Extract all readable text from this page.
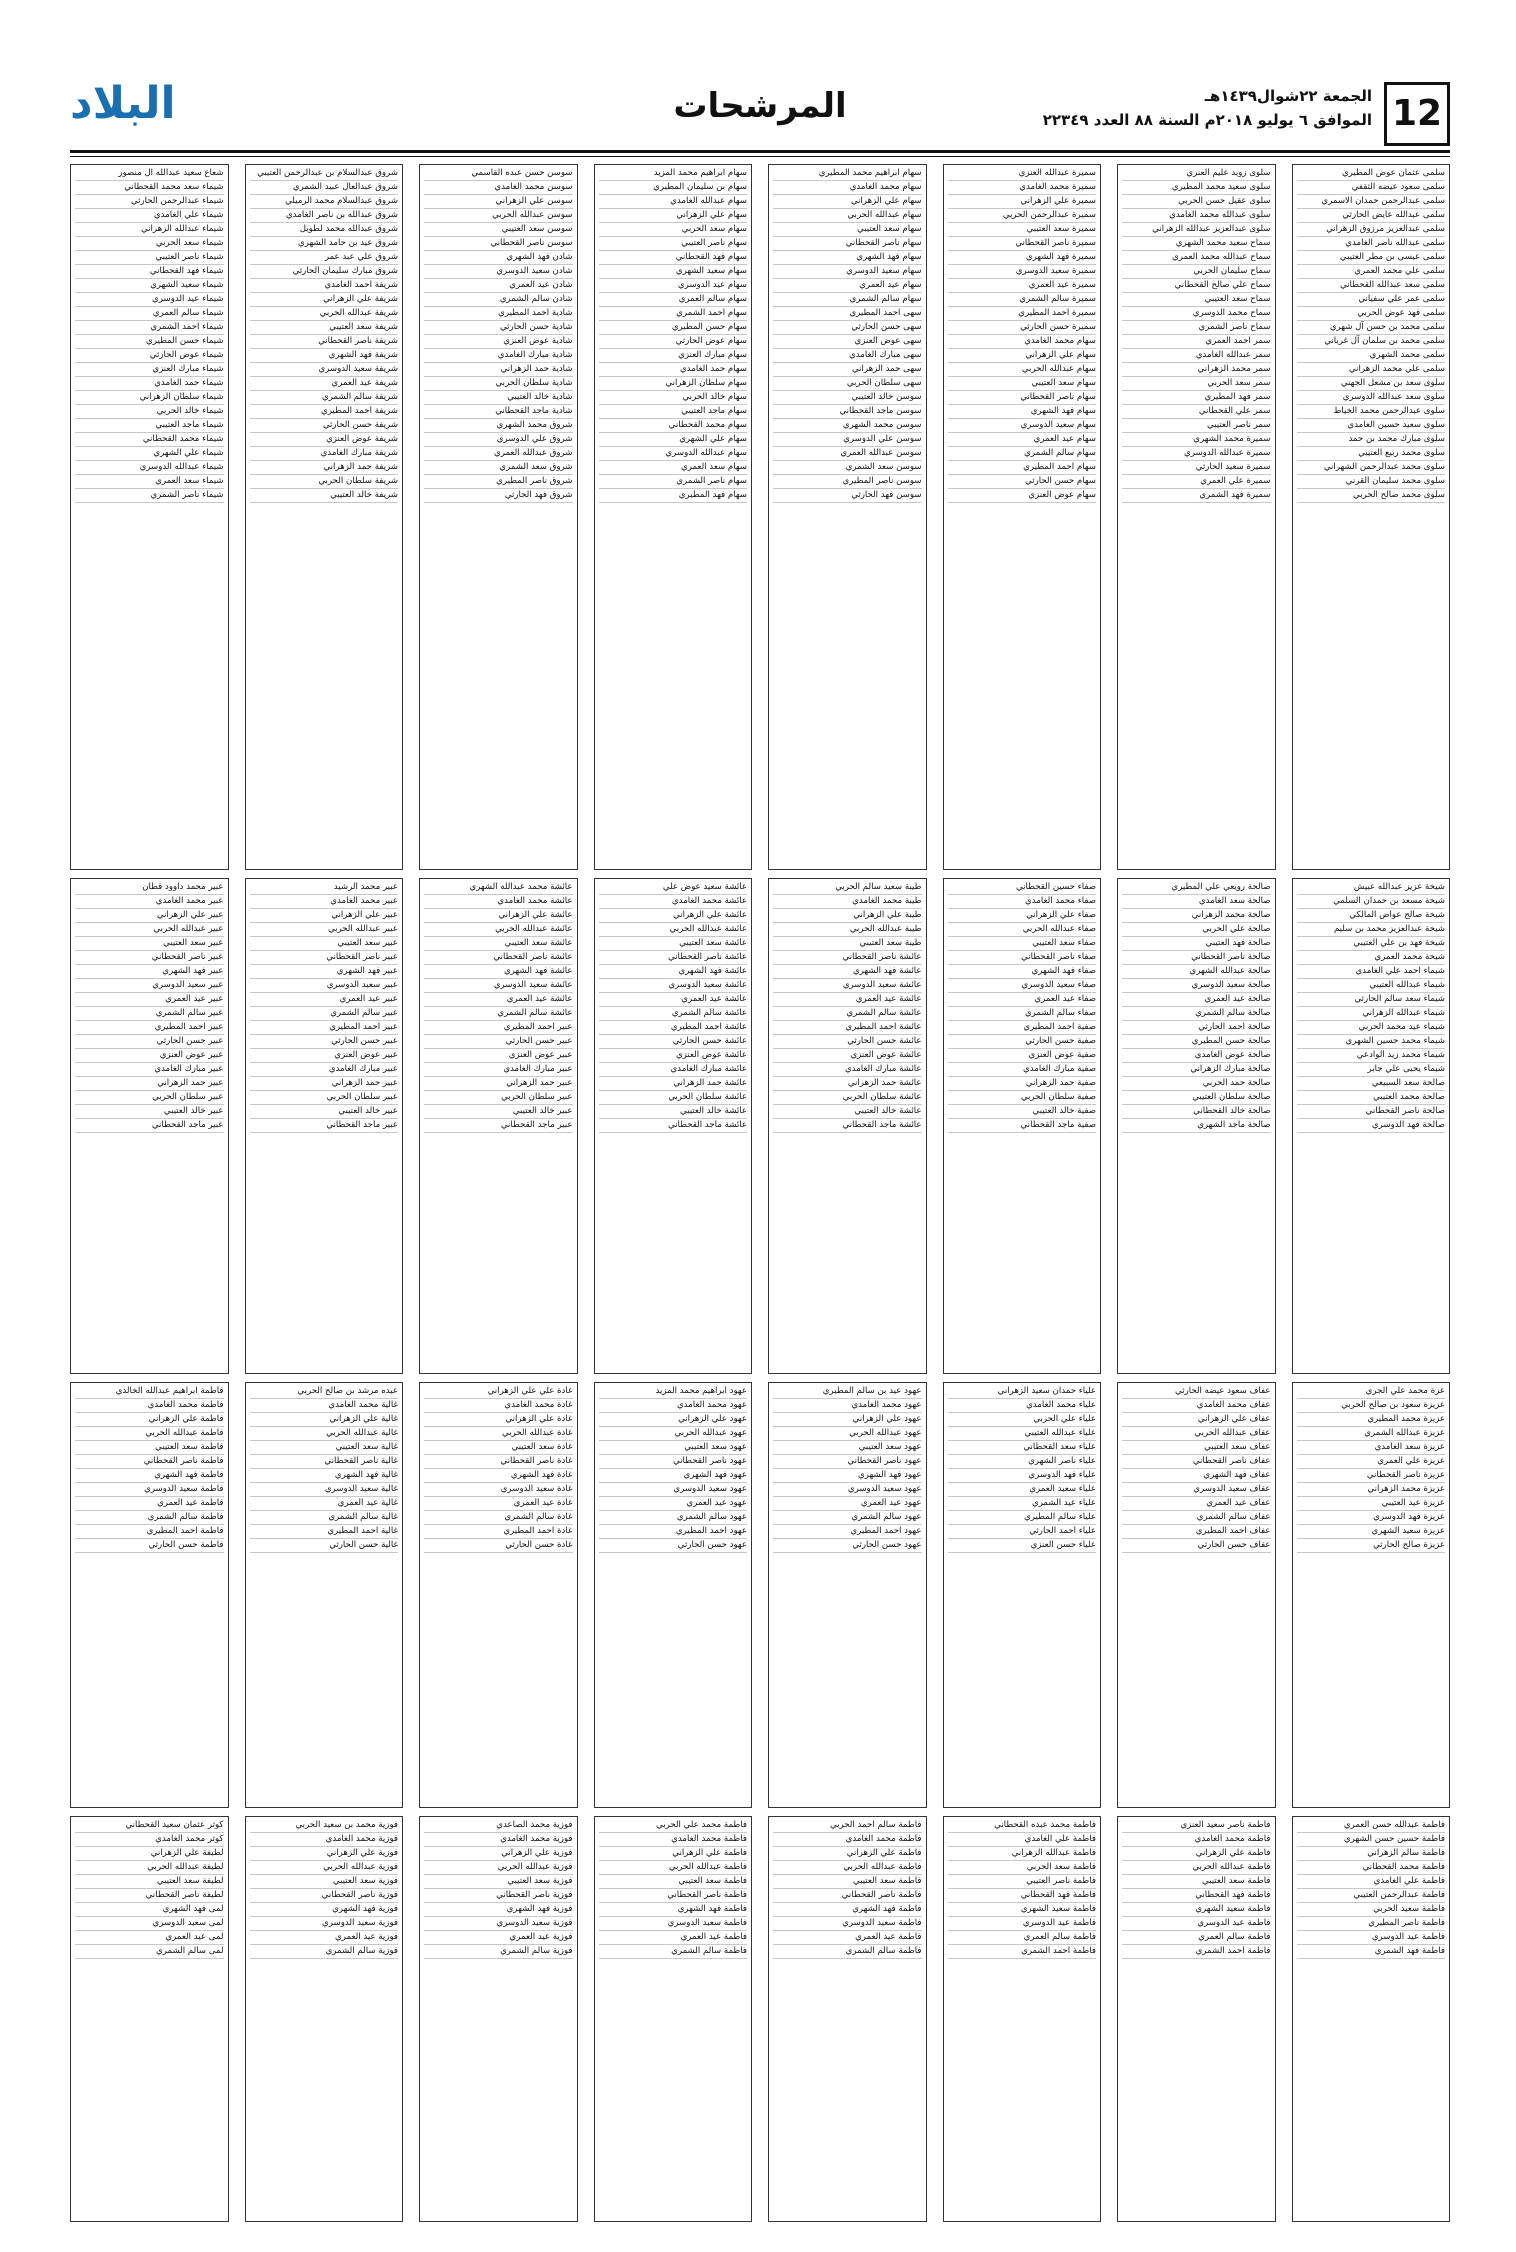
12
الجمعة ٢٢شوال١٤٣٩هـ
الموافق ٦ يوليو ٢٠١٨م السنة ٨٨ العدد ٢٢٣٤٩
المرشحات
البلاد
سلمى عثمان عوض المطيري
سلمى سعود عيضه الثقفي
سلمى عبدالرحمن حمدان الاسمري
سلمى عبدالله عايض الحارثي
سلمى عبدالعزيز مرزوق الزهراني
سلمى عبدالله ناصر الغامدي
سلمى عيسى بن مطر العتيبي
سلمى علي محمد العمري
سلمى سعد عبدالله القحطاني
سلمى عمر علي سفياني
سلمى فهد عوض الحربي
سلمى محمد بن حسن آل شهري
سلمى محمد بن سلمان آل غرباني
سلمى محمد الشهري
سلمى علي محمد الزهراني
سلوى سعد بن مشعل الجهني
سلوى سعد عبدالله الدوسري
سلوى عبدالرحمن محمد الخياط
سلوى سعيد حسين الغامدي
سلوى مبارك محمد بن حمد
سلوى محمد ربيع العتيبي
سلوى محمد عبدالرحمن الشهراني
سلوى محمد سليمان القرني
سلوى محمد صالح الحربي
شيخة عزيز عبدالله عبيش
شيخة مسعد بن حمدان السلمي
شيخة صالح عواض المالكي
شيخة عبدالعزيز محمد بن سليم
شيخة فهد بن علي العتيبي
شيخة محمد العمري
شيماء احمد علي الغامدي
شيماء عبدالله العتيبي
شيماء سعد سالم الحارثي
شيماء عبدالله الزهراني
شيماء عيد محمد الحربي
شيماء محمد حسين الشهري
شيماء محمد زيد الوادعي
شيماء يحيى علي جابر
صالحة سعد السبيعي
صالحة محمد العتيبي
صالحة ناصر القحطاني
صالحة فهد الدوسري
عزة محمد علي الجري
عزيزة سعود بن صالح الحربي
عزيزة محمد المطيري
عزيزة عبدالله الشمري
عزيزة سعد الغامدي
عزيزة علي العمري
عزيزة ناصر القحطاني
عزيزة محمد الزهراني
عزيزة عيد العتيبي
عزيزة فهد الدوسري
عزيزة سعيد الشهري
عزيزة صالح الحارثي
فاطمة عبدالله حسن العمري
فاطمة حسين حسن الشهري
فاطمة سالم الزهراني
فاطمة محمد القحطاني
فاطمة علي الغامدي
فاطمة عبدالرحمن العتيبي
فاطمة سعيد الحربي
فاطمة ناصر المطيري
فاطمة عيد الدوسري
فاطمة فهد الشمري
سلوى زويد عليم العنزي
سلوى سعيد محمد المطيري
سلوى عقيل حسن الحربي
سلوى عبدالله محمد الغامدي
سلوى عبدالعزيز عبدالله الزهراني
سماح سعيد محمد الشهري
سماح عبدالله محمد العمري
سماح سليمان الحربي
سماح علي صالح القحطاني
سماح سعد العتيبي
سماح محمد الدوسري
سماح ناصر الشمري
سمر احمد العمري
سمر عبدالله الغامدي
سمر محمد الزهراني
سمر سعد الحربي
سمر فهد المطيري
سمر علي القحطاني
سمر ناصر العتيبي
سميرة محمد الشهري
سميرة عبدالله الدوسري
سميرة سعيد الحارثي
سميرة علي العمري
سميرة فهد الشمري
صالحة رويعي علي المطيري
صالحة سعد الغامدي
صالحة محمد الزهراني
صالحة علي الحربي
صالحة فهد العتيبي
صالحة ناصر القحطاني
صالحة عبدالله الشهري
صالحة سعيد الدوسري
صالحة عيد العمري
صالحة سالم الشمري
صالحة احمد الحارثي
صالحة حسن المطيري
صالحة عوض الغامدي
صالحة مبارك الزهراني
صالحة حمد الحربي
صالحة سلطان العتيبي
صالحة خالد القحطاني
صالحة ماجد الشهري
عفاف سعود عيضه الحارثي
عفاف محمد الغامدي
عفاف علي الزهراني
عفاف عبدالله الحربي
عفاف سعد العتيبي
عفاف ناصر القحطاني
عفاف فهد الشهري
عفاف سعيد الدوسري
عفاف عيد العمري
عفاف سالم الشمري
عفاف احمد المطيري
عفاف حسن الحارثي
فاطمة ناصر سعيد العنزي
فاطمة محمد الغامدي
فاطمة علي الزهراني
فاطمة عبدالله الحربي
فاطمة سعد العتيبي
فاطمة فهد القحطاني
فاطمة سعيد الشهري
فاطمة عيد الدوسري
فاطمة سالم العمري
فاطمة احمد الشمري
سميرة عبدالله العنزي
سميرة محمد الغامدي
سميرة علي الزهراني
سميرة عبدالرحمن الحربي
سميرة سعد العتيبي
سميرة ناصر القحطاني
سميرة فهد الشهري
سميرة سعيد الدوسري
سميرة عيد العمري
سميرة سالم الشمري
سميرة احمد المطيري
سميرة حسن الحارثي
سهام محمد الغامدي
سهام علي الزهراني
سهام عبدالله الحربي
سهام سعد العتيبي
سهام ناصر القحطاني
سهام فهد الشهري
سهام سعيد الدوسري
سهام عيد العمري
سهام سالم الشمري
سهام احمد المطيري
سهام حسن الحارثي
سهام عوض العنزي
صفاء حسين القحطاني
صفاء محمد الغامدي
صفاء علي الزهراني
صفاء عبدالله الحربي
صفاء سعد العتيبي
صفاء ناصر القحطاني
صفاء فهد الشهري
صفاء سعيد الدوسري
صفاء عيد العمري
صفاء سالم الشمري
صفية احمد المطيري
صفية حسن الحارثي
صفية عوض العنزي
صفية مبارك الغامدي
صفية حمد الزهراني
صفية سلطان الحربي
صفية خالد العتيبي
صفية ماجد القحطاني
علياء حمدان سعيد الزهراني
علياء محمد الغامدي
علياء علي الحربي
علياء عبدالله العتيبي
علياء سعد القحطاني
علياء ناصر الشهري
علياء فهد الدوسري
علياء سعيد العمري
علياء عيد الشمري
علياء سالم المطيري
علياء احمد الحارثي
علياء حسن العنزي
فاطمة محمد عبده القحطاني
فاطمة علي الغامدي
فاطمة عبدالله الزهراني
فاطمة سعد الحربي
فاطمة ناصر العتيبي
فاطمة فهد القحطاني
فاطمة سعيد الشهري
فاطمة عيد الدوسري
فاطمة سالم العمري
فاطمة احمد الشمري
سهام ابراهيم محمد المطيري
سهام محمد الغامدي
سهام علي الزهراني
سهام عبدالله الحربي
سهام سعد العتيبي
سهام ناصر القحطاني
سهام فهد الشهري
سهام سعيد الدوسري
سهام عيد العمري
سهام سالم الشمري
سهى احمد المطيري
سهى حسن الحارثي
سهى عوض العنزي
سهى مبارك الغامدي
سهى حمد الزهراني
سهى سلطان الحربي
سوسن خالد العتيبي
سوسن ماجد القحطاني
سوسن محمد الشهري
سوسن علي الدوسري
سوسن عبدالله العمري
سوسن سعد الشمري
سوسن ناصر المطيري
سوسن فهد الحارثي
طيبة سعيد سالم الحربي
طيبة محمد الغامدي
طيبة علي الزهراني
طيبة عبدالله الحربي
طيبة سعد العتيبي
عائشة ناصر القحطاني
عائشة فهد الشهري
عائشة سعيد الدوسري
عائشة عيد العمري
عائشة سالم الشمري
عائشة احمد المطيري
عائشة حسن الحارثي
عائشة عوض العنزي
عائشة مبارك الغامدي
عائشة حمد الزهراني
عائشة سلطان الحربي
عائشة خالد العتيبي
عائشة ماجد القحطاني
عهود عيد بن سالم المطيري
عهود محمد الغامدي
عهود علي الزهراني
عهود عبدالله الحربي
عهود سعد العتيبي
عهود ناصر القحطاني
عهود فهد الشهري
عهود سعيد الدوسري
عهود عيد العمري
عهود سالم الشمري
عهود احمد المطيري
عهود حسن الحارثي
فاطمة سالم احمد الحربي
فاطمة محمد الغامدي
فاطمة علي الزهراني
فاطمة عبدالله الحربي
فاطمة سعد العتيبي
فاطمة ناصر القحطاني
فاطمة فهد الشهري
فاطمة سعيد الدوسري
فاطمة عيد العمري
فاطمة سالم الشمري
سهام ابراهيم محمد المزيد
سهام بن سليمان المطيري
سهام عبدالله الغامدي
سهام علي الزهراني
سهام سعد الحربي
سهام ناصر العتيبي
سهام فهد القحطاني
سهام سعيد الشهري
سهام عيد الدوسري
سهام سالم العمري
سهام احمد الشمري
سهام حسن المطيري
سهام عوض الحارثي
سهام مبارك العنزي
سهام حمد الغامدي
سهام سلطان الزهراني
سهام خالد الحربي
سهام ماجد العتيبي
سهام محمد القحطاني
سهام علي الشهري
سهام عبدالله الدوسري
سهام سعد العمري
سهام ناصر الشمري
سهام فهد المطيري
عائشة سعيد عوض علي
عائشة محمد الغامدي
عائشة علي الزهراني
عائشة عبدالله الحربي
عائشة سعد العتيبي
عائشة ناصر القحطاني
عائشة فهد الشهري
عائشة سعيد الدوسري
عائشة عيد العمري
عائشة سالم الشمري
عائشة احمد المطيري
عائشة حسن الحارثي
عائشة عوض العنزي
عائشة مبارك الغامدي
عائشة حمد الزهراني
عائشة سلطان الحربي
عائشة خالد العتيبي
عائشة ماجد القحطاني
عهود ابراهيم محمد المزيد
عهود محمد الغامدي
عهود علي الزهراني
عهود عبدالله الحربي
عهود سعد العتيبي
عهود ناصر القحطاني
عهود فهد الشهري
عهود سعيد الدوسري
عهود عيد العمري
عهود سالم الشمري
عهود احمد المطيري
عهود حسن الحارثي
فاطمة محمد علي الحربي
فاطمة محمد الغامدي
فاطمة علي الزهراني
فاطمة عبدالله الحربي
فاطمة سعد العتيبي
فاطمة ناصر القحطاني
فاطمة فهد الشهري
فاطمة سعيد الدوسري
فاطمة عيد العمري
فاطمة سالم الشمري
سوسن حسن عبده القاسمي
سوسن محمد الغامدي
سوسن علي الزهراني
سوسن عبدالله الحربي
سوسن سعد العتيبي
سوسن ناصر القحطاني
شادن فهد الشهري
شادن سعيد الدوسري
شادن عيد العمري
شادن سالم الشمري
شادية احمد المطيري
شادية حسن الحارثي
شادية عوض العنزي
شادية مبارك الغامدي
شادية حمد الزهراني
شادية سلطان الحربي
شادية خالد العتيبي
شادية ماجد القحطاني
شروق محمد الشهري
شروق علي الدوسري
شروق عبدالله العمري
شروق سعد الشمري
شروق ناصر المطيري
شروق فهد الحارثي
عائشة محمد عبدالله الشهري
عائشة محمد الغامدي
عائشة علي الزهراني
عائشة عبدالله الحربي
عائشة سعد العتيبي
عائشة ناصر القحطاني
عائشة فهد الشهري
عائشة سعيد الدوسري
عائشة عيد العمري
عائشة سالم الشمري
عبير احمد المطيري
عبير حسن الحارثي
عبير عوض العنزي
عبير مبارك الغامدي
عبير حمد الزهراني
عبير سلطان الحربي
عبير خالد العتيبي
عبير ماجد القحطاني
غادة علي علي الزهراني
غادة محمد الغامدي
غادة علي الزهراني
غادة عبدالله الحربي
غادة سعد العتيبي
غادة ناصر القحطاني
غادة فهد الشهري
غادة سعيد الدوسري
غادة عيد العمري
غادة سالم الشمري
غادة احمد المطيري
غادة حسن الحارثي
فوزية محمد الصاعدي
فوزية محمد الغامدي
فوزية علي الزهراني
فوزية عبدالله الحربي
فوزية سعد العتيبي
فوزية ناصر القحطاني
فوزية فهد الشهري
فوزية سعيد الدوسري
فوزية عيد العمري
فوزية سالم الشمري
شروق عبدالسلام بن عبدالرحمن العتيبي
شروق عبدالعال عبيد الشمري
شروق عبدالسلام محمد الرميلي
شروق عبدالله بن ناصر الغامدي
شروق عبدالله محمد لطويل
شروق عيد بن حامد الشهري
شروق علي عبد عمر
شروق مبارك سليمان الحارثي
شريفة احمد الغامدي
شريفة علي الزهراني
شريفة عبدالله الحربي
شريفة سعد العتيبي
شريفة ناصر القحطاني
شريفة فهد الشهري
شريفة سعيد الدوسري
شريفة عيد العمري
شريفة سالم الشمري
شريفة احمد المطيري
شريفة حسن الحارثي
شريفة عوض العنزي
شريفة مبارك الغامدي
شريفة حمد الزهراني
شريفة سلطان الحربي
شريفة خالد العتيبي
عبير محمد الرشيد
عبير محمد الغامدي
عبير علي الزهراني
عبير عبدالله الحربي
عبير سعد العتيبي
عبير ناصر القحطاني
عبير فهد الشهري
عبير سعيد الدوسري
عبير عيد العمري
عبير سالم الشمري
عبير احمد المطيري
عبير حسن الحارثي
عبير عوض العنزي
عبير مبارك الغامدي
عبير حمد الزهراني
عبير سلطان الحربي
عبير خالد العتيبي
عبير ماجد القحطاني
عيده مرشد بن صالح الحربي
غالية محمد الغامدي
غالية علي الزهراني
غالية عبدالله الحربي
غالية سعد العتيبي
غالية ناصر القحطاني
غالية فهد الشهري
غالية سعيد الدوسري
غالية عيد العمري
غالية سالم الشمري
غالية احمد المطيري
غالية حسن الحارثي
فوزية محمد بن سعيد الحربي
فوزية محمد الغامدي
فوزية علي الزهراني
فوزية عبدالله الحربي
فوزية سعد العتيبي
فوزية ناصر القحطاني
فوزية فهد الشهري
فوزية سعيد الدوسري
فوزية عيد العمري
فوزية سالم الشمري
شعاع سعيد عبدالله ال منصور
شيماء سعد محمد القحطاني
شيماء عبدالرحمن الحارثي
شيماء علي الغامدي
شيماء عبدالله الزهراني
شيماء سعد الحربي
شيماء ناصر العتيبي
شيماء فهد القحطاني
شيماء سعيد الشهري
شيماء عيد الدوسري
شيماء سالم العمري
شيماء احمد الشمري
شيماء حسن المطيري
شيماء عوض الحارثي
شيماء مبارك العنزي
شيماء حمد الغامدي
شيماء سلطان الزهراني
شيماء خالد الحربي
شيماء ماجد العتيبي
شيماء محمد القحطاني
شيماء علي الشهري
شيماء عبدالله الدوسري
شيماء سعد العمري
شيماء ناصر الشمري
عبير محمد داوود قطان
عبير محمد الغامدي
عبير علي الزهراني
عبير عبدالله الحربي
عبير سعد العتيبي
عبير ناصر القحطاني
عبير فهد الشهري
عبير سعيد الدوسري
عبير عيد العمري
عبير سالم الشمري
عبير احمد المطيري
عبير حسن الحارثي
عبير عوض العنزي
عبير مبارك الغامدي
عبير حمد الزهراني
عبير سلطان الحربي
عبير خالد العتيبي
عبير ماجد القحطاني
فاطمة ابراهيم عبدالله الخالدي
فاطمة محمد الغامدي
فاطمة علي الزهراني
فاطمة عبدالله الحربي
فاطمة سعد العتيبي
فاطمة ناصر القحطاني
فاطمة فهد الشهري
فاطمة سعيد الدوسري
فاطمة عيد العمري
فاطمة سالم الشمري
فاطمة احمد المطيري
فاطمة حسن الحارثي
كوثر عثمان سعيد القحطاني
كوثر محمد الغامدي
لطيفة علي الزهراني
لطيفة عبدالله الحربي
لطيفة سعد العتيبي
لطيفة ناصر القحطاني
لمى فهد الشهري
لمى سعيد الدوسري
لمى عيد العمري
لمى سالم الشمري
